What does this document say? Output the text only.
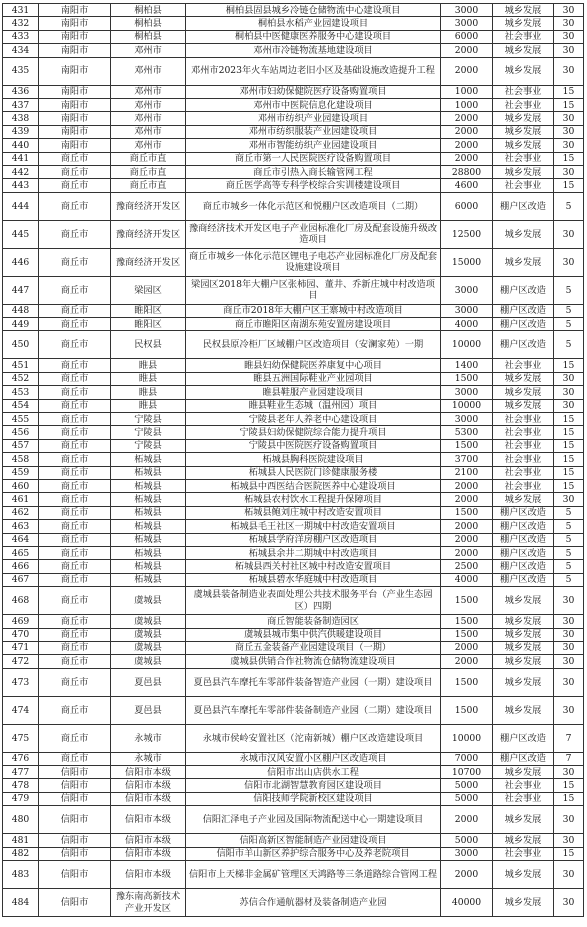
431	南阳市	桐柏县	桐柏县固县城乡冷链仓储物流中心建设项目	3000	城乡发展	30
432	南阳市	桐柏县	桐柏县水稻产业园建设项目	3000	城乡发展	30
433	南阳市	桐柏县	桐柏县中医健康医养服务中心建设项目	6000	社会事业	30
434	南阳市	邓州市	邓州市冷链物流基地建设项目	2000	城乡发展	30
435	南阳市	邓州市	邓州市2023年火车站周边老旧小区及基础设施改造提升工程	2000	城乡发展	30
436	南阳市	邓州市	邓州市妇幼保健院医疗设备购置项目	1000	社会事业	15
437	南阳市	邓州市	邓州市中医院信息化建设项目	1000	社会事业	15
438	南阳市	邓州市	邓州市纺织产业园建设项目	2000	城乡发展	30
439	南阳市	邓州市	邓州市纺织服装产业园建设项目	2000	城乡发展	30
440	南阳市	邓州市	邓州市智能纺织产业园建设项目	2000	城乡发展	30
441	商丘市	商丘市直	商丘市第一人民医院医疗设备购置项目	2000	社会事业	15
442	商丘市	商丘市直	商丘市引热入商长输管网工程	28800	城乡发展	30
443	商丘市	商丘市直	商丘医学高等专科学校综合实训楼建设项目	4600	社会事业	15
444	商丘市	豫商经济开发区	商丘市城乡一体化示范区和悦棚户区改造项目（二期）	6000	棚户区改造	5
445	商丘市	豫商经济开发区	豫商经济技术开发区电子产业园标准化厂房及配套设施升级改造项目	12500	城乡发展	30
446	商丘市	豫商经济开发区	商丘市城乡一体化示范区锂电子电芯产业园标准化厂房及配套设施建设项目	15000	城乡发展	30
447	商丘市	梁园区	梁园区2018年大棚户区张柿园、董井、乔新庄城中村改造项目	3000	棚户区改造	5
448	商丘市	睢阳区	商丘市2018年大棚户区王寨城中村改造项目	3000	棚户区改造	5
449	商丘市	睢阳区	商丘市睢阳区南湖东苑安置房建设项目	4000	棚户区改造	5
450	商丘市	民权县	民权县原冷柜厂区域棚户区改造项目（安澜家苑）一期	10000	棚户区改造	5
451	商丘市	睢县	睢县妇幼保健院医养康复中心项目	1400	社会事业	15
452	商丘市	睢县	睢县五洲国际鞋业产业园项目	1500	城乡发展	30
453	商丘市	睢县	睢县鞋服产业园建设项目	3000	城乡发展	30
454	商丘市	睢县	睢县鞋业生态城（温州园）项目	10000	城乡发展	30
455	商丘市	宁陵县	宁陵县老年人养老中心建设项目	3000	社会事业	15
456	商丘市	宁陵县	宁陵县妇幼保健院综合能力提升项目	5300	社会事业	15
457	商丘市	宁陵县	宁陵县中医院医疗设备购置项目	1500	社会事业	15
458	商丘市	柘城县	柘城县胸科医院建设项目	3700	社会事业	15
459	商丘市	柘城县	柘城县人民医院门诊健康服务楼	2100	社会事业	15
460	商丘市	柘城县	柘城县中西医结合医院医养中心建设项目	2000	社会事业	15
461	商丘市	柘城县	柘城县农村饮水工程提升保障项目	2000	城乡发展	30
462	商丘市	柘城县	柘城县鲍刘庄城中村改造安置项目	1500	棚户区改造	5
463	商丘市	柘城县	柘城县毛王社区一期城中村改造安置项目	2000	棚户区改造	5
464	商丘市	柘城县	柘城县学府洋房棚户区改造项目	2000	棚户区改造	5
465	商丘市	柘城县	柘城县余井二期城中村改造项目	2000	棚户区改造	5
466	商丘市	柘城县	柘城县西关村社区城中村改造安置项目	2500	棚户区改造	5
467	商丘市	柘城县	柘城县碧水华庭城中村改造项目	4000	棚户区改造	5
468	商丘市	虞城县	虞城县装备制造业表面处理公共技术服务平台（产业生态园区）四期	1500	城乡发展	30
469	商丘市	虞城县	商丘智能装备制造园区	1500	城乡发展	30
470	商丘市	虞城县	虞城县城市集中供汽供暖建设项目	1500	城乡发展	30
471	商丘市	虞城县	商丘五金装备产业园建设项目（一期）	2000	城乡发展	30
472	商丘市	虞城县	虞城县供销合作社物流仓储物流建设项目	2000	城乡发展	30
473	商丘市	夏邑县	夏邑县汽车摩托车零部件装备智造产业园（一期）建设项目	1500	城乡发展	30
474	商丘市	夏邑县	夏邑县汽车摩托车零部件装备制造产业园（二期）建设项目	1500	城乡发展	30
475	商丘市	永城市	永城市侯岭安置社区（沱南新城）棚户区改造建设项目	10000	棚户区改造	7
476	商丘市	永城市	永城市汉风安置小区棚户区改造项目	7000	棚户区改造	7
477	信阳市	信阳市本级	信阳市出山店供水工程	10700	城乡发展	30
478	信阳市	信阳市本级	信阳市北湖智慧教育园区建设项目	5000	社会事业	15
479	信阳市	信阳市本级	信阳技师学院新校区建设项目	5000	社会事业	15
480	信阳市	信阳市本级	信阳汇泽电子产业园及国际物流配送中心一期建设项目	2000	城乡发展	30
481	信阳市	信阳市本级	信阳高新区智能制造产业园建设项目	5000	城乡发展	30
482	信阳市	信阳市本级	信阳市羊山新区养护综合服务中心及养老院项目	3000	社会事业	15
483	信阳市	信阳市本级	信阳市上天梯非金属矿管理区天鸿路等三条道路综合管网工程	2000	城乡发展	30
484	信阳市	豫东南高新技术产业开发区	苏信合作通航器材及装备制造产业园	40000	城乡发展	30
